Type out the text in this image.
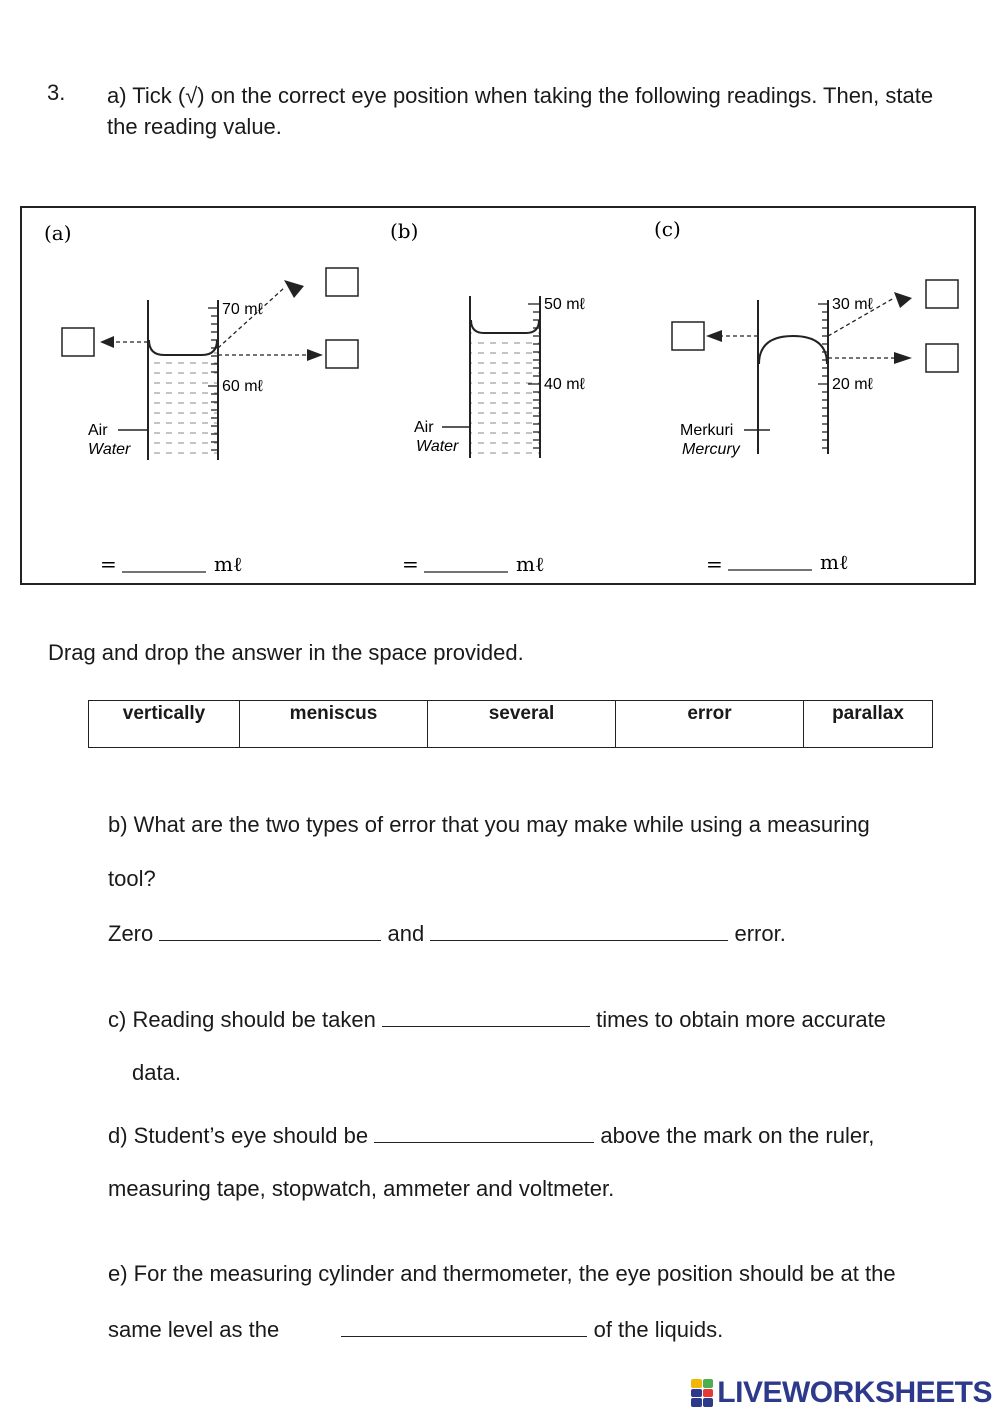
3. a) Tick (√) on the correct eye position when taking the following readings. Then, state the reading value.
(a)
70 mℓ
60 mℓ
Air
Water
=	mℓ
(b)
50 mℓ
40 mℓ
Air
Water
=	mℓ
(c)
30 mℓ
20 mℓ
Merkuri
Mercury
=	mℓ
Drag and drop the answer in the space provided.
vertically	meniscus	several	error	parallax
b) What are the two types of error that you may make while using a measuring
tool?
Zero	and	error.
c) Reading should be taken	times to obtain more accurate
data.
d) Student’s eye should be	above the mark on the ruler,
measuring tape, stopwatch, ammeter and voltmeter.
e) For the measuring cylinder and thermometer, the eye position should be at the
same level as the	of the liquids.
LIVEWORKSHEETS
